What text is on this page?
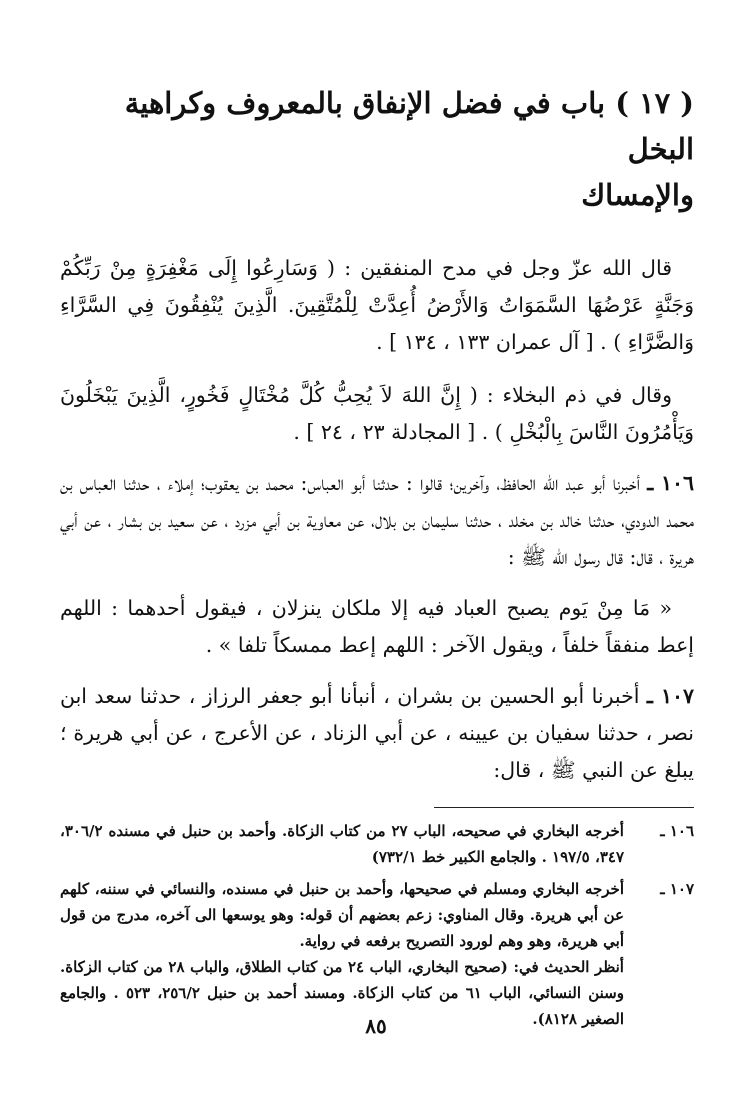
( ١٧ ) باب في فضل الإنفاق بالمعروف وكراهية البخل
والإمساك

قال الله عزّ وجل في مدح المنفقين : ( وَسَارِعُوا إِلَى مَغْفِرَةٍ مِنْ رَبِّكُمْ وَجَنَّةٍ عَرْضُهَا السَّمَوَاتُ وَالأَرْضُ أُعِدَّتْ لِلْمُتَّقِينَ. الَّذِينَ يُنْفِقُونَ فِي السَّرَّاءِ وَالضَّرَّاءِ ) . [ آل عمران ١٣٣ ، ١٣٤ ] .

وقال في ذم البخلاء : ( إِنَّ اللهَ لاَ يُحِبُّ كُلَّ مُخْتَالٍ فَخُورٍ، الَّذِينَ يَبْخَلُونَ وَيَأْمُرُونَ النَّاسَ بِالْبُخْلِ ) . [ المجادلة ٢٣ ، ٢٤ ] .

١٠٦ ـ أخبرنا أبو عبد الله الحافظ، وآخرين؛ قالوا : حدثنا أبو العباس: محمد بن يعقوب؛ إملاء ، حدثنا العباس بن محمد الدودي، حدثنا خالد بن مخلد ، حدثنا سليمان بن بلال، عن معاوية بن أبي مزرد ، عن سعيد بن بشار ، عن أبي هريرة ، قال: قال رسول الله ﷺ :

« مَا مِنْ يَوم يصبح العباد فيه إلا ملكان ينزلان ، فيقول أحدهما : اللهم إعط منفقاً خلفاً ، ويقول الآخر : اللهم إعط ممسكاً تلفا » .

١٠٧ ـ أخبرنا أبو الحسين بن بشران ، أنبأنا أبو جعفر الرزاز ، حدثنا سعد ابن نصر ، حدثنا سفيان بن عيينه ، عن أبي الزناد ، عن الأعرج ، عن أبي هريرة ؛ يبلغ عن النبي ﷺ ، قال:

١٠٦ ـ

أخرجه البخاري في صحيحه، الباب ٢٧ من كتاب الزكاة. وأحمد بن حنبل في مسنده ٣٠٦/٢، ٣٤٧، ١٩٧/٥ . والجامع الكبير خط ٧٣٢/١)

١٠٧ ـ

أخرجه البخاري ومسلم في صحيحها، وأحمد بن حنبل في مسنده، والنسائي في سننه، كلهم عن أبي هريرة. وقال المناوي: زعم بعضهم أن قوله: وهو يوسعها الى آخره، مدرج من قول أبي هريرة، وهو وهم لورود التصريح برفعه في رواية.

أنظر الحديث في: (صحيح البخاري، الباب ٢٤ من كتاب الطلاق، والباب ٢٨ من كتاب الزكاة. وسنن النسائي، الباب ٦١ من كتاب الزكاة. ومسند أحمد بن حنبل ٢٥٦/٢، ٥٢٣ . والجامع الصغير ٨١٢٨).

٨٥
